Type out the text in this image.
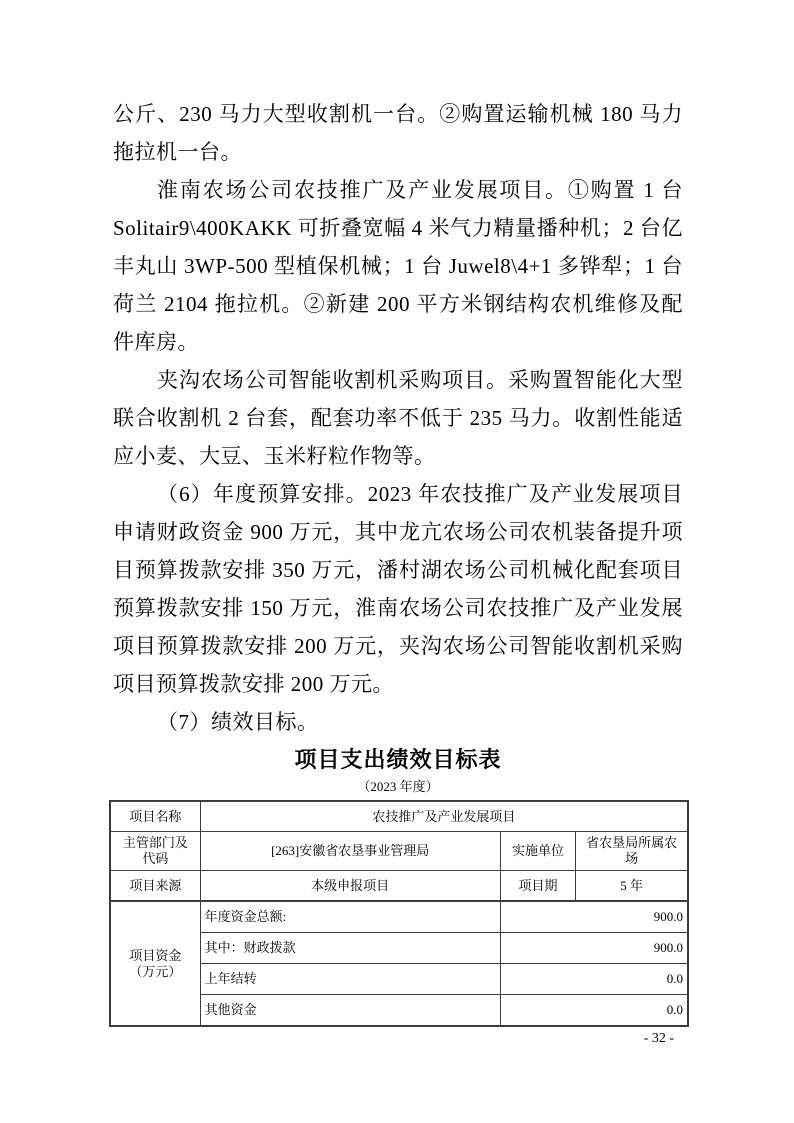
公斤、230 马力大型收割机一台。②购置运输机械 180 马力拖拉机一台。

淮南农场公司农技推广及产业发展项目。①购置 1 台 Solitair9\400KAKK 可折叠宽幅 4 米气力精量播种机；2 台亿丰丸山 3WP-500 型植保机械；1 台 Juwel8\4+1 多铧犁；1 台荷兰 2104 拖拉机。②新建 200 平方米钢结构农机维修及配件库房。

夹沟农场公司智能收割机采购项目。采购置智能化大型联合收割机 2 台套，配套功率不低于 235 马力。收割性能适应小麦、大豆、玉米籽粒作物等。

（6）年度预算安排。2023 年农技推广及产业发展项目申请财政资金 900 万元，其中龙亢农场公司农机装备提升项目预算拨款安排 350 万元，潘村湖农场公司机械化配套项目预算拨款安排 150 万元，淮南农场公司农技推广及产业发展项目预算拨款安排 200 万元，夹沟农场公司智能收割机采购项目预算拨款安排 200 万元。

（7）绩效目标。

项目支出绩效目标表
（2023 年度）
项目名称	农技推广及产业发展项目		

主管部门及
代码	[263]安徽省农垦事业管理局	实施单位	省农垦局所属农场
项目来源	本级申报项目	项目期	5 年

项目资金
（万元）	年度资金总额:	900.0	
	其中：财政拨款	900.0	
	上年结转	0.0	
	其他资金	0.0	
- 32 -
